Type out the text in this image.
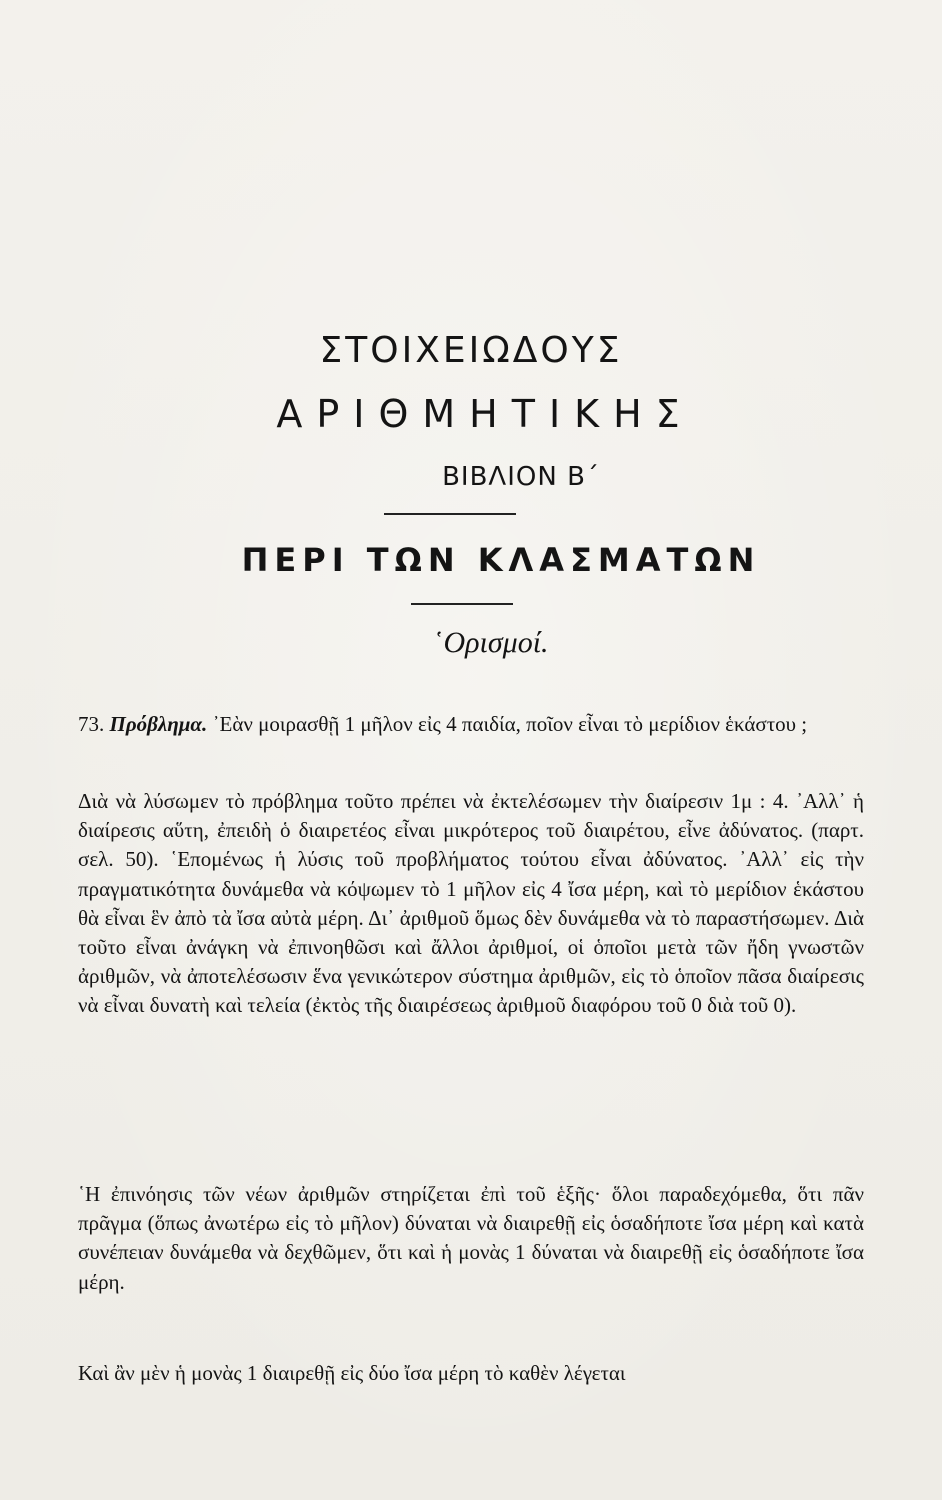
ΣΤΟΙΧΕΙΩΔΟΥΣ
ΑΡΙΘΜΗΤΙΚΗΣ
ΒΙΒΛΙΟΝ Β΄
ΠΕΡΙ ΤΩΝ ΚΛΑΣΜΑΤΩΝ
῾Ορισμοί.

73. Πρόβλημα. ᾿Εὰν μοιρασθῇ 1 μῆλον εἰς 4 παιδία, ποῖον εἶναι τὸ μερίδιον ἑκάστου ;

Διὰ νὰ λύσωμεν τὸ πρόβλημα τοῦτο πρέπει νὰ ἐκτελέσωμεν τὴν διαίρεσιν 1μ : 4. ᾿Αλλ᾿ ἡ διαίρεσις αὕτη, ἐπειδὴ ὁ διαιρετέος εἶναι μικρότερος τοῦ διαιρέτου, εἶνε ἀδύνατος. (παρτ. σελ. 50). ῾Επομένως ἡ λύσις τοῦ προβλήματος τούτου εἶναι ἀδύνατος. ᾿Αλλ᾿ εἰς τὴν πραγματικότητα δυνάμεθα νὰ κόψωμεν τὸ 1 μῆλον εἰς 4 ἴσα μέρη, καὶ τὸ μερίδιον ἑκάστου θὰ εἶναι ἓν ἀπὸ τὰ ἴσα αὐτὰ μέρη. Δι᾿ ἀριθμοῦ ὅμως δὲν δυνάμεθα νὰ τὸ παραστήσωμεν. Διὰ τοῦτο εἶναι ἀνάγκη νὰ ἐπινοηθῶσι καὶ ἄλλοι ἀριθμοί, οἱ ὁποῖοι μετὰ τῶν ἤδη γνωστῶν ἀριθμῶν, νὰ ἀποτελέσωσιν ἕνα γενικώτερον σύστημα ἀριθμῶν, εἰς τὸ ὁποῖον πᾶσα διαίρεσις νὰ εἶναι δυνατὴ καὶ τελεία (ἐκτὸς τῆς διαιρέσεως ἀριθμοῦ διαφόρου τοῦ 0 διὰ τοῦ 0).

῾Η ἐπινόησις τῶν νέων ἀριθμῶν στηρίζεται ἐπὶ τοῦ ἑξῆς· ὅλοι παραδεχόμεθα, ὅτι πᾶν πρᾶγμα (ὅπως ἀνωτέρω εἰς τὸ μῆλον) δύναται νὰ διαιρεθῇ εἰς ὁσαδήποτε ἴσα μέρη καὶ κατὰ συνέπειαν δυνάμεθα νὰ δεχθῶμεν, ὅτι καὶ ἡ μονὰς 1 δύναται νὰ διαιρεθῇ εἰς ὁσαδήποτε ἴσα μέρη.

Καὶ ἂν μὲν ἡ μονὰς 1 διαιρεθῇ εἰς δύο ἴσα μέρη τὸ καθὲν λέγεται
